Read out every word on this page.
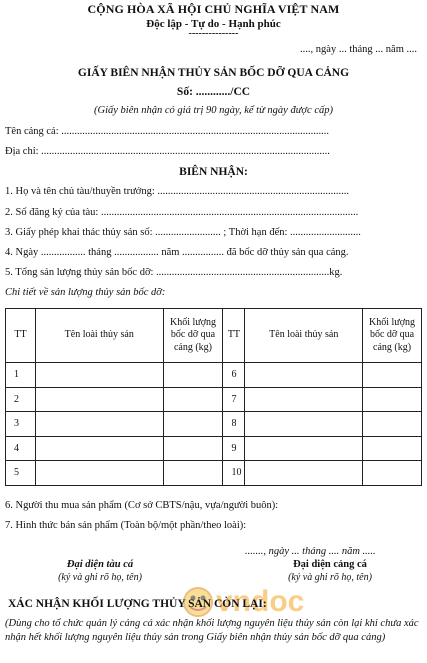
CỘNG HÒA XÃ HỘI CHỦ NGHĨA VIỆT NAM
Độc lập - Tự do - Hạnh phúc
---------------
...., ngày ... tháng ... năm ....
GIẤY BIÊN NHẬN THỦY SẢN BỐC DỠ QUA CẢNG
Số: ............/CC
(Giấy biên nhận có giá trị 90 ngày, kể từ ngày được cấp)
Tên cảng cá: ......................................................................................................
Địa chỉ: ..............................................................................................................
BIÊN NHẬN:
1. Họ và tên chủ tàu/thuyền trưởng: .........................................................................
2. Số đăng ký của tàu: ..................................................................................................
3. Giấy phép khai thác thủy sản số: ......................... ; Thời hạn đến: ...........................
4. Ngày ................. tháng ................. năm ................ đã bốc dỡ thủy sản qua cảng.
5. Tổng sản lượng thủy sản bốc dỡ: ..................................................................kg.
Chi tiết về sản lượng thủy sản bốc dỡ:
TT	Tên loài thủy sản	Khối lượng bốc dỡ qua cảng (kg)	TT	Tên loài thủy sản	Khối lượng bốc dỡ qua cảng (kg)
1			6		
2			7		
3			8		
4			9		
5			10		
6. Người thu mua sản phẩm (Cơ sở CBTS/nậu, vựa/người buôn):
7. Hình thức bán sản phẩm (Toàn bộ/một phần/theo loài):
......., ngày ... tháng .... năm .....
Đại diện tàu cá
(ký và ghi rõ họ, tên)
Đại diện cảng cá
(ký và ghi rõ họ, tên)
vndoc
XÁC NHẬN KHỐI LƯỢNG THỦY SẢN CÒN LẠI:
(Dùng cho tổ chức quản lý cảng cá xác nhận khối lượng nguyên liệu thủy sản còn lại khi chưa xác nhận hết khối lượng nguyên liệu thủy sản trong Giấy biên nhận thủy sản bốc dỡ qua cảng)
